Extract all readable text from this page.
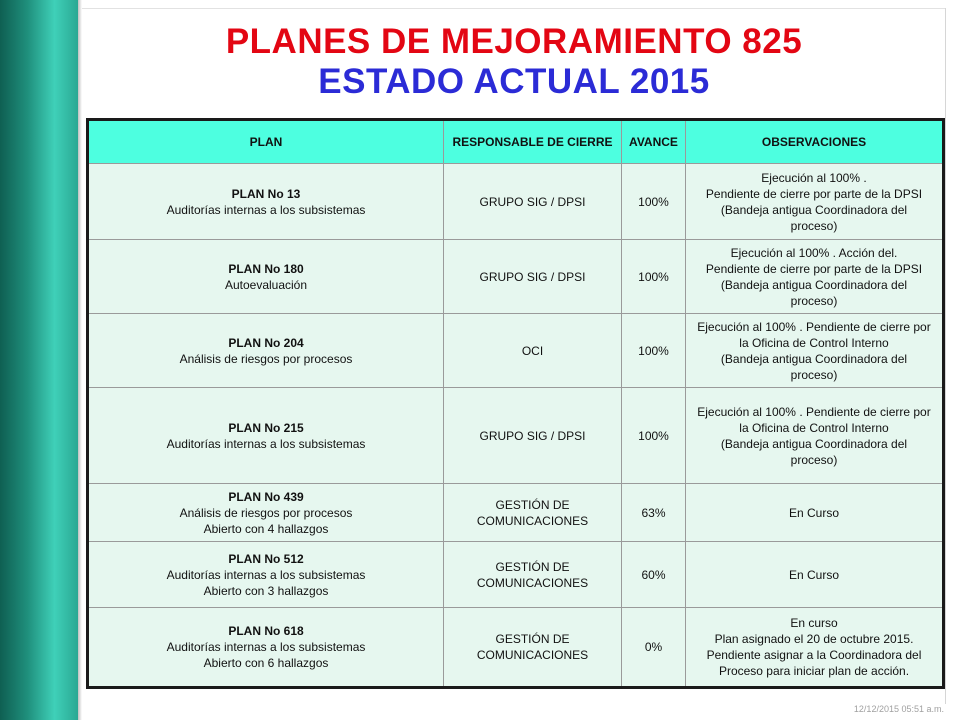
PLANES DE MEJORAMIENTO 825
ESTADO ACTUAL 2015
PLAN	RESPONSABLE DE CIERRE	AVANCE	OBSERVACIONES

PLAN No 13
Auditorías internas a los subsistemas	GRUPO SIG / DPSI	100%	Ejecución al 100% .
Pendiente de cierre por parte de la DPSI
(Bandeja antigua Coordinadora del
proceso)

PLAN No 180
Autoevaluación	GRUPO SIG / DPSI	100%	Ejecución al 100% . Acción del.
Pendiente de cierre por parte de la DPSI
(Bandeja antigua Coordinadora del
proceso)

PLAN No 204
Análisis de riesgos por procesos	OCI	100%	Ejecución al 100% . Pendiente de cierre por
la Oficina de Control Interno
(Bandeja antigua Coordinadora del
proceso)

PLAN No 215
Auditorías internas a los subsistemas	GRUPO SIG / DPSI	100%	Ejecución al 100% . Pendiente de cierre por
la Oficina de Control Interno
(Bandeja antigua Coordinadora del
proceso)

PLAN No 439
Análisis de riesgos por procesos
Abierto con 4 hallazgos	GESTIÓN DE COMUNICACIONES	63%	En Curso

PLAN No 512
Auditorías internas a los subsistemas
Abierto con 3 hallazgos	GESTIÓN DE COMUNICACIONES	60%	En Curso

PLAN No 618
Auditorías internas a los subsistemas
Abierto con 6 hallazgos	GESTIÓN DE COMUNICACIONES	0%	En curso
Plan asignado el 20 de octubre 2015.
Pendiente asignar a la Coordinadora del
Proceso para iniciar plan de acción.
12/12/2015 05:51 a.m.
